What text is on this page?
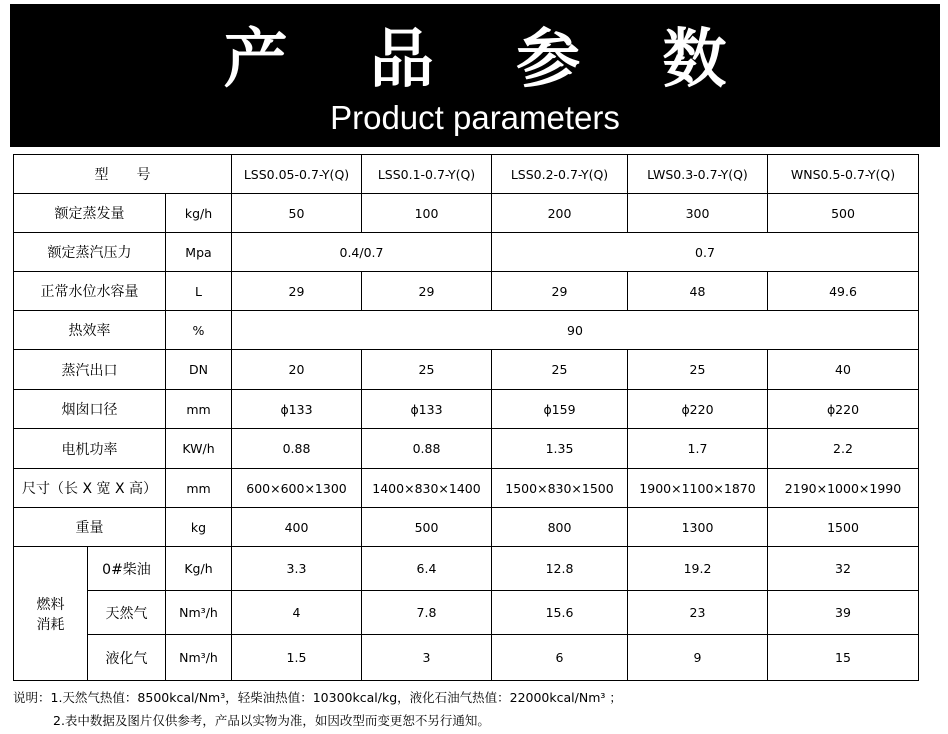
产 品 参 数
Product parameters
型　　号			LSS0.05-0.7-Y(Q)	LSS0.1-0.7-Y(Q)	LSS0.2-0.7-Y(Q)	LWS0.3-0.7-Y(Q)	WNS0.5-0.7-Y(Q)
额定蒸发量		kg/h	50	100	200	300	500
额定蒸汽压力		Mpa	0.4/0.7		0.7		
正常水位水容量		L	29	29	29	48	49.6
热效率		%	90				
蒸汽出口		DN	20	25	25	25	40
烟囱口径		mm	ɸ133	ɸ133	ɸ159	ɸ220	ɸ220
电机功率		KW/h	0.88	0.88	1.35	1.7	2.2
尺寸（长 X 宽 X 高）		mm	600×600×1300	1400×830×1400	1500×830×1500	1900×1100×1870	2190×1000×1990
重量		kg	400	500	800	1300	1500

燃料
消耗	0#柴油	Kg/h	3.3	6.4	12.8	19.2	32
	天然气	Nm³/h	4	7.8	15.6	23	39
	液化气	Nm³/h	1.5	3	6	9	15
说明：1.天然气热值：8500kcal/Nm³，轻柴油热值：10300kcal/kg，液化石油气热值：22000kcal/Nm³ ；
2.表中数据及图片仅供参考，产品以实物为准，如因改型而变更恕不另行通知。
